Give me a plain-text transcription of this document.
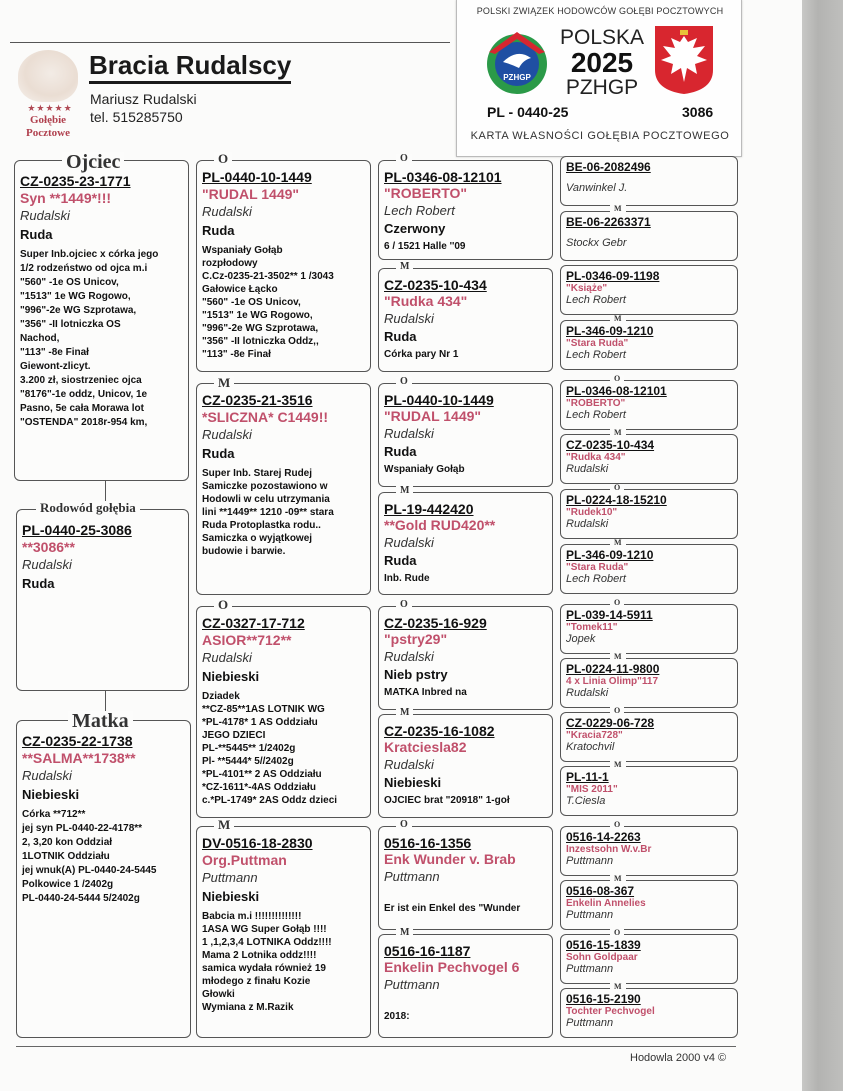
★★★★★
Gołębie Pocztowe
Bracia Rudalscy
Mariusz Rudalski
tel. 515285750
POLSKI ZWIĄZEK HODOWCÓW GOŁĘBI POCZTOWYCH
PZHGP
POLSKA
2025
PZHGP
PL - 0440-25	3086
KARTA WŁASNOŚCI GOŁĘBIA POCZTOWEGO
CZ-0235-23-1771
Syn **1449*!!!
Rudalski
Ruda
Super Inb.ojciec x córka jego
1/2 rodzeństwo od ojca m.i
"560" -1e OS Unicov,
"1513" 1e WG Rogowo,
"996"-2e WG Szprotawa,
"356" -II lotniczka OS
Nachod,
"113" -8e Finał
Giewont-zlicyt.
3.200 zł, siostrzeniec ojca
"8176"-1e oddz, Unicov, 1e
Pasno, 5e cała Morawa lot
"OSTENDA" 2018r-954 km,
Ojciec
PL-0440-25-3086
**3086**
Rudalski
Ruda
Rodowód gołębia
CZ-0235-22-1738
**SALMA**1738**
Rudalski
Niebieski
Córka **712**
jej syn PL-0440-22-4178**
2, 3,20 kon Oddział
1LOTNIK Oddziału
jej wnuk(A) PL-0440-24-5445
Polkowice 1 /2402g
PL-0440-24-5444 5/2402g
Matka
PL-0440-10-1449
"RUDAL 1449"
Rudalski
Ruda
Wspaniały Gołąb
rozpłodowy
C.Cz-0235-21-3502** 1 /3043
Gałowice Łącko
"560" -1e OS Unicov,
"1513" 1e WG Rogowo,
"996"-2e WG Szprotawa,
"356" -II lotniczka Oddz,,
"113" -8e Finał
O
CZ-0235-21-3516
*SLICZNA* C1449!!
Rudalski
Ruda
Super Inb. Starej Rudej
Samiczke pozostawiono w
Hodowli w celu utrzymania
lini **1449** 1210 -09** stara
Ruda Protoplastka rodu..
Samiczka o wyjątkowej
budowie i barwie.
M
CZ-0327-17-712
ASIOR**712**
Rudalski
Niebieski
Dziadek
**CZ-85**1AS LOTNIK WG
*PL-4178* 1 AS Oddziału
JEGO DZIECI
PL-**5445** 1/2402g
Pl- **5444* 5//2402g
*PL-4101** 2 AS Oddziału
*CZ-1611*-4AS Oddziału
c.*PL-1749* 2AS Oddz dzieci
O
DV-0516-18-2830
Org.Puttman
Puttmann
Niebieski
Babcia m.i !!!!!!!!!!!!!!
1ASA WG Super Gołąb !!!!
1 ,1,2,3,4 LOTNIKA Oddz!!!!
Mama 2 Lotnika oddz!!!!
samica wydała również 19
młodego z finału Kozie
Głowki
Wymiana z M.Razik
M
PL-0346-08-12101
"ROBERTO"
Lech Robert
Czerwony
6 / 1521 Halle ''09
O
CZ-0235-10-434
"Rudka 434"
Rudalski
Ruda
Córka pary Nr 1
M
PL-0440-10-1449
"RUDAL 1449"
Rudalski
Ruda
Wspaniały Gołąb
O
PL-19-442420
**Gold RUD420**
Rudalski
Ruda
Inb. Rude
M
CZ-0235-16-929
"pstry29"
Rudalski
Nieb pstry
MATKA Inbred na
O
CZ-0235-16-1082
Kratciesla82
Rudalski
Niebieski
OJCIEC brat "20918" 1-goł
M
0516-16-1356
Enk Wunder v. Brab
Puttmann
Er ist ein Enkel des "Wunder
O
0516-16-1187
Enkelin Pechvogel 6
Puttmann
2018:
M
BE-06-2082496
Vanwinkel J.
BE-06-2263371
Stockx Gebr
M
PL-0346-09-1198
"Książe"
Lech Robert
PL-346-09-1210
"Stara Ruda"
Lech Robert
M
PL-0346-08-12101
"ROBERTO"
Lech Robert
O
CZ-0235-10-434
"Rudka 434"
Rudalski
M
PL-0224-18-15210
"Rudek10"
Rudalski
O
PL-346-09-1210
"Stara Ruda"
Lech Robert
M
PL-039-14-5911
"Tomek11"
Jopek
O
PL-0224-11-9800
4 x Linia Olimp"117
Rudalski
M
CZ-0229-06-728
"Kracia728"
Kratochvil
O
PL-11-1
"MIS 2011"
T.Ciesla
M
0516-14-2263
Inzestsohn W.v.Br
Puttmann
O
0516-08-367
Enkelin Annelies
Puttmann
M
0516-15-1839
Sohn Goldpaar
Puttmann
O
0516-15-2190
Tochter Pechvogel
Puttmann
M
Hodowla 2000 v4 ©
